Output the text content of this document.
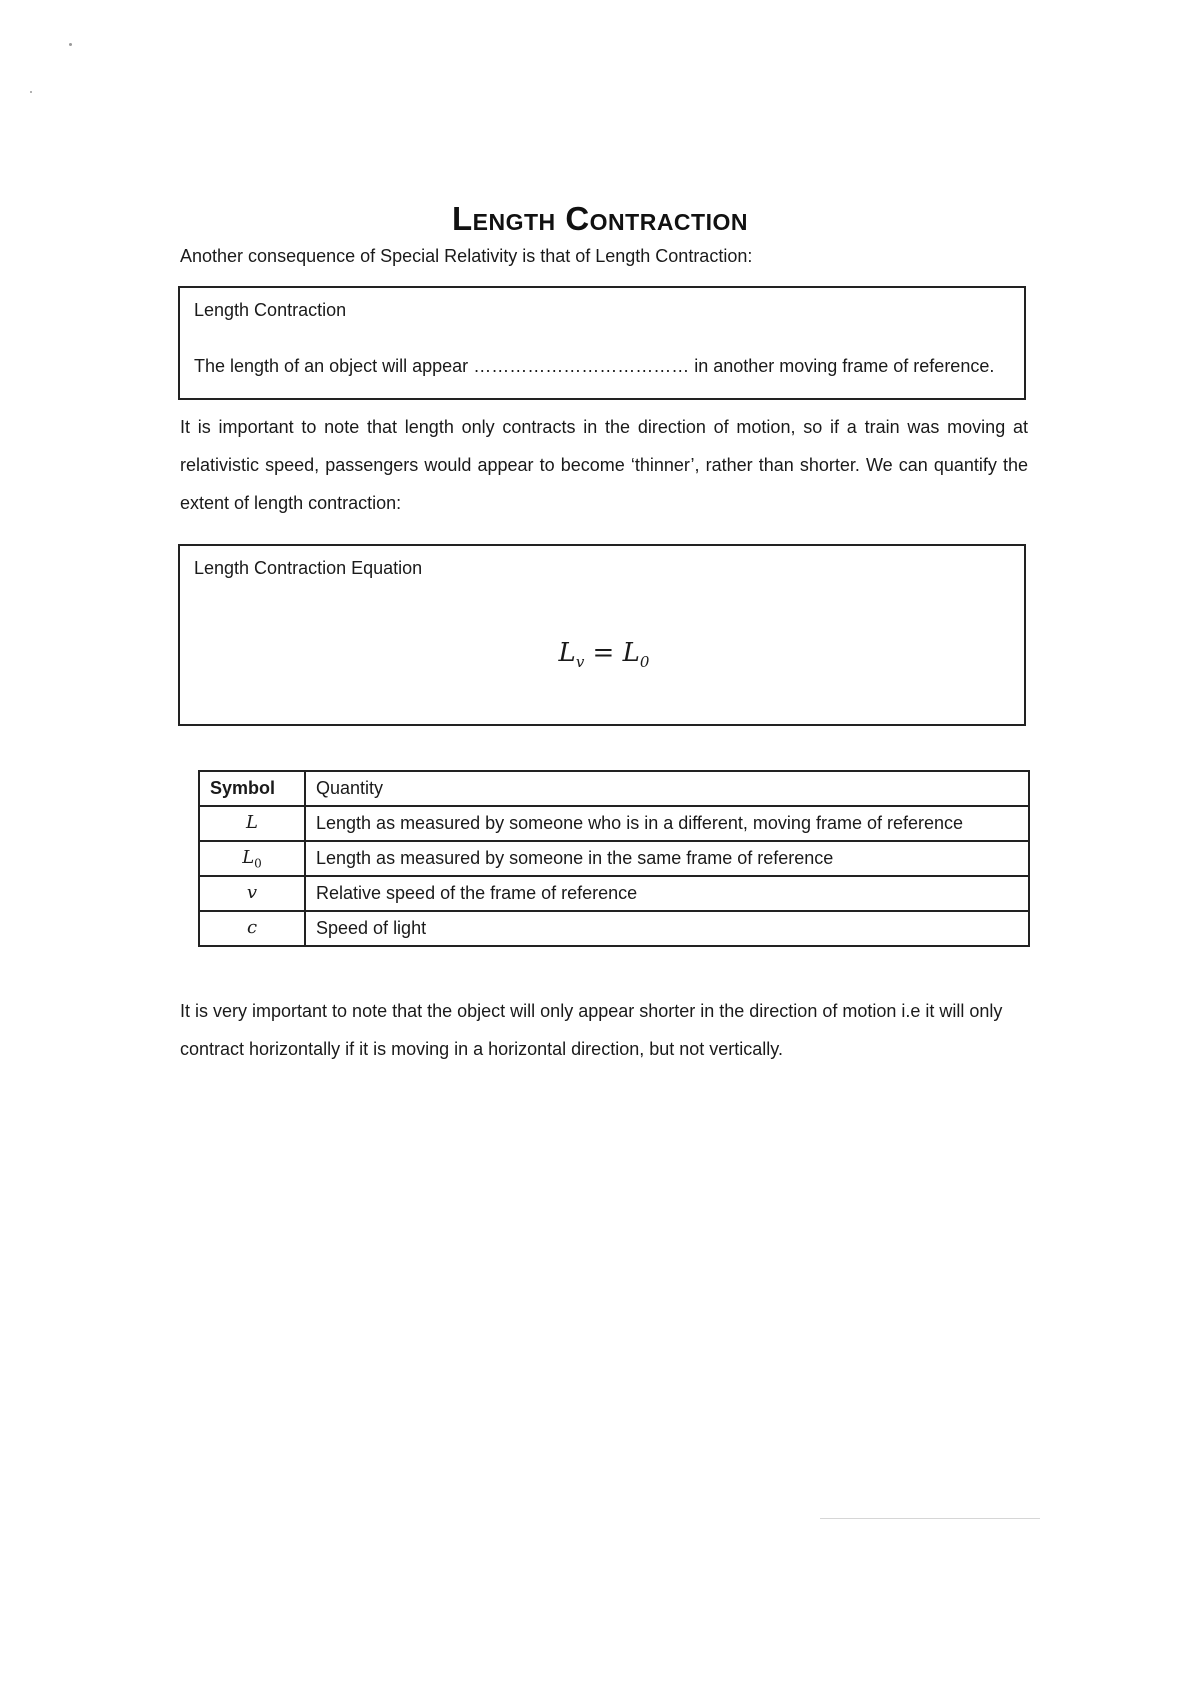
Length Contraction
Another consequence of Special Relativity is that of Length Contraction:
Length Contraction
The length of an object will appear ……………………………… in another moving frame of reference.
It is important to note that length only contracts in the direction of motion, so if a train was moving at relativistic speed, passengers would appear to become ‘thinner’, rather than shorter. We can quantify the extent of length contraction:
Length Contraction Equation
$L_v = L_0$
Symbol	Quantity
L	Length as measured by someone who is in a different, moving frame of reference
$L_0$	Length as measured by someone in the same frame of reference
v	Relative speed of the frame of reference
c	Speed of light
It is very important to note that the object will only appear shorter in the direction of motion i.e it will only contract horizontally if it is moving in a horizontal direction, but not vertically.
